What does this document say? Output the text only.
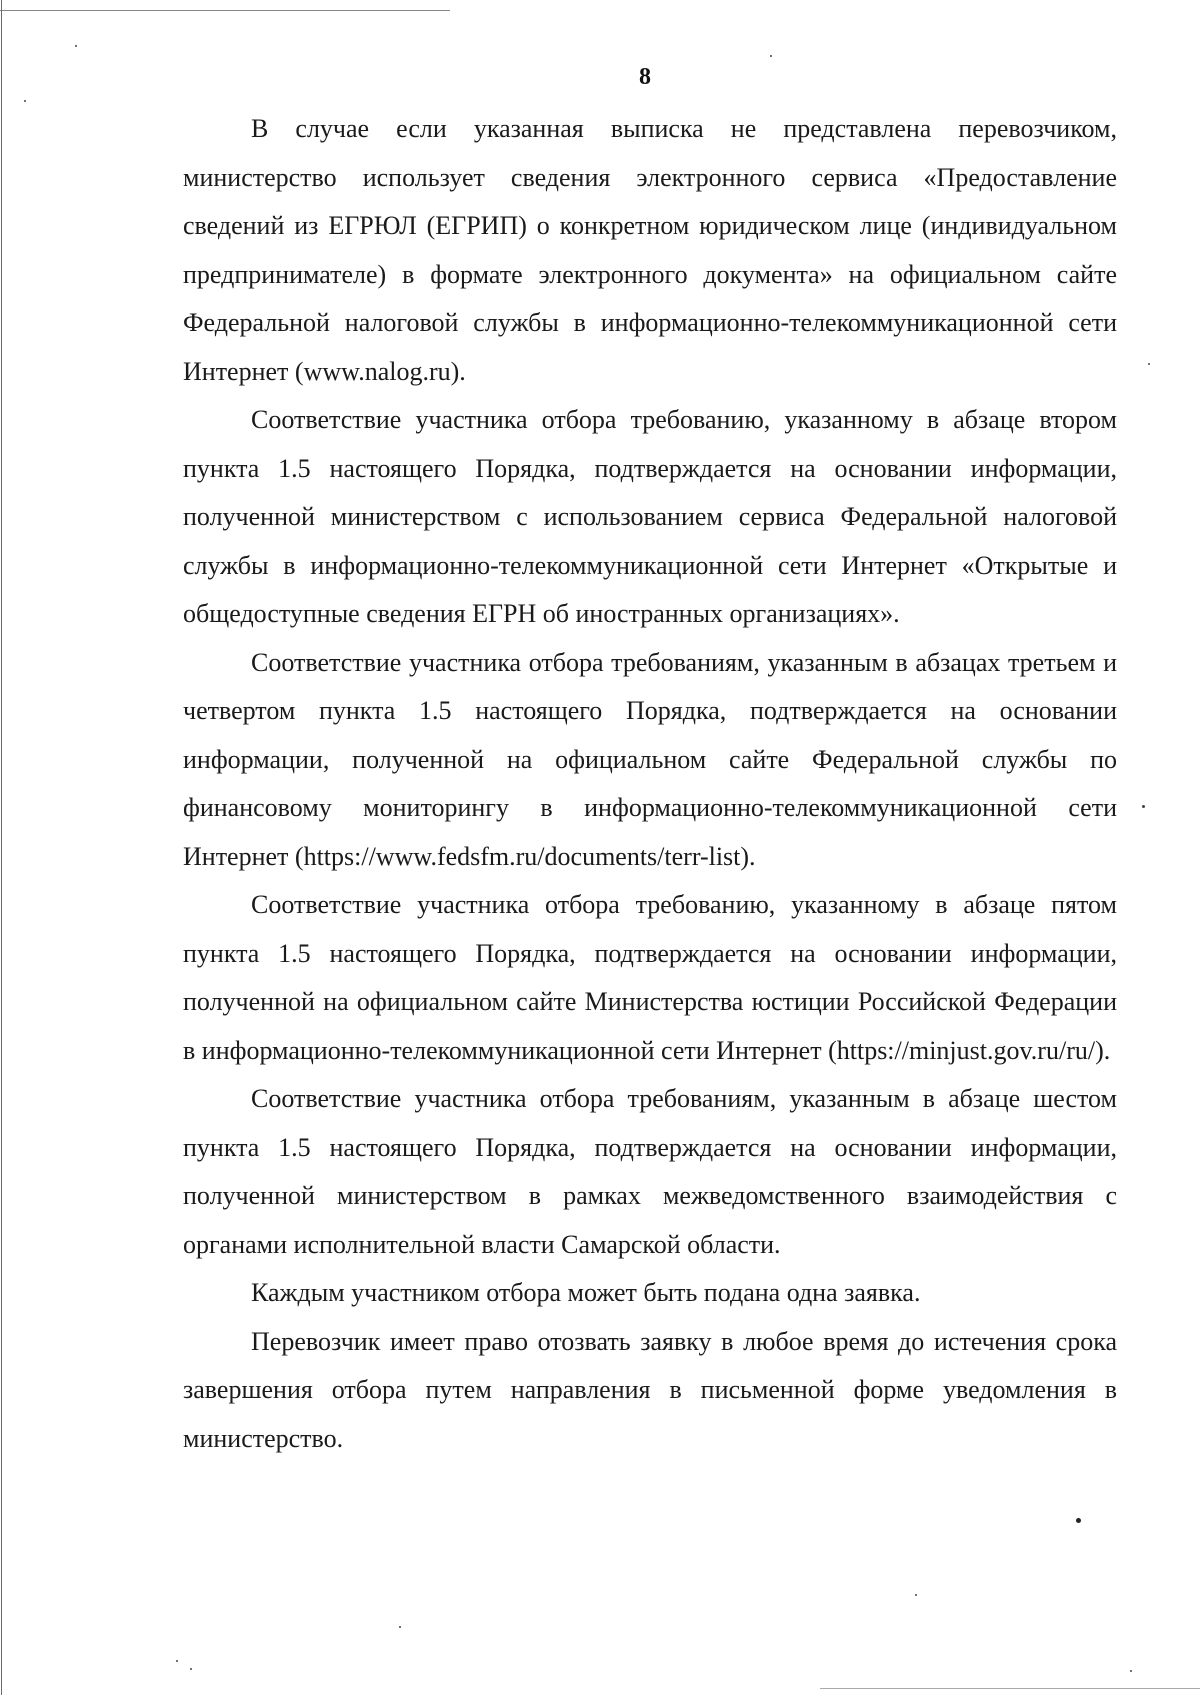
8

В случае если указанная выписка не представлена перевозчиком, министерство использует сведения электронного сервиса «Предоставление сведений из ЕГРЮЛ (ЕГРИП) о конкретном юридическом лице (индивидуальном предпринимателе) в формате электронного документа» на официальном сайте Федеральной налоговой службы в информационно-телекоммуникационной сети Интернет (www.nalog.ru).

Соответствие участника отбора требованию, указанному в абзаце втором пункта 1.5 настоящего Порядка, подтверждается на основании информации, полученной министерством с использованием сервиса Федеральной налоговой службы в информационно-телекоммуникационной сети Интернет «Открытые и общедоступные сведения ЕГРН об иностранных организациях».

Соответствие участника отбора требованиям, указанным в абзацах третьем и четвертом пункта 1.5 настоящего Порядка, подтверждается на основании информации, полученной на официальном сайте Федеральной службы по финансовому мониторингу в информационно-телекоммуникационной сети Интернет (https://www.fedsfm.ru/documents/terr-list).

Соответствие участника отбора требованию, указанному в абзаце пятом пункта 1.5 настоящего Порядка, подтверждается на основании информации, полученной на официальном сайте Министерства юстиции Российской Федерации в информационно-телекоммуникационной сети Интернет (https://minjust.gov.ru/ru/).

Соответствие участника отбора требованиям, указанным в абзаце шестом пункта 1.5 настоящего Порядка, подтверждается на основании информации, полученной министерством в рамках межведомственного взаимодействия с органами исполнительной власти Самарской области.

Каждым участником отбора может быть подана одна заявка.

Перевозчик имеет право отозвать заявку в любое время до истечения срока завершения отбора путем направления в письменной форме уведомления в министерство.
